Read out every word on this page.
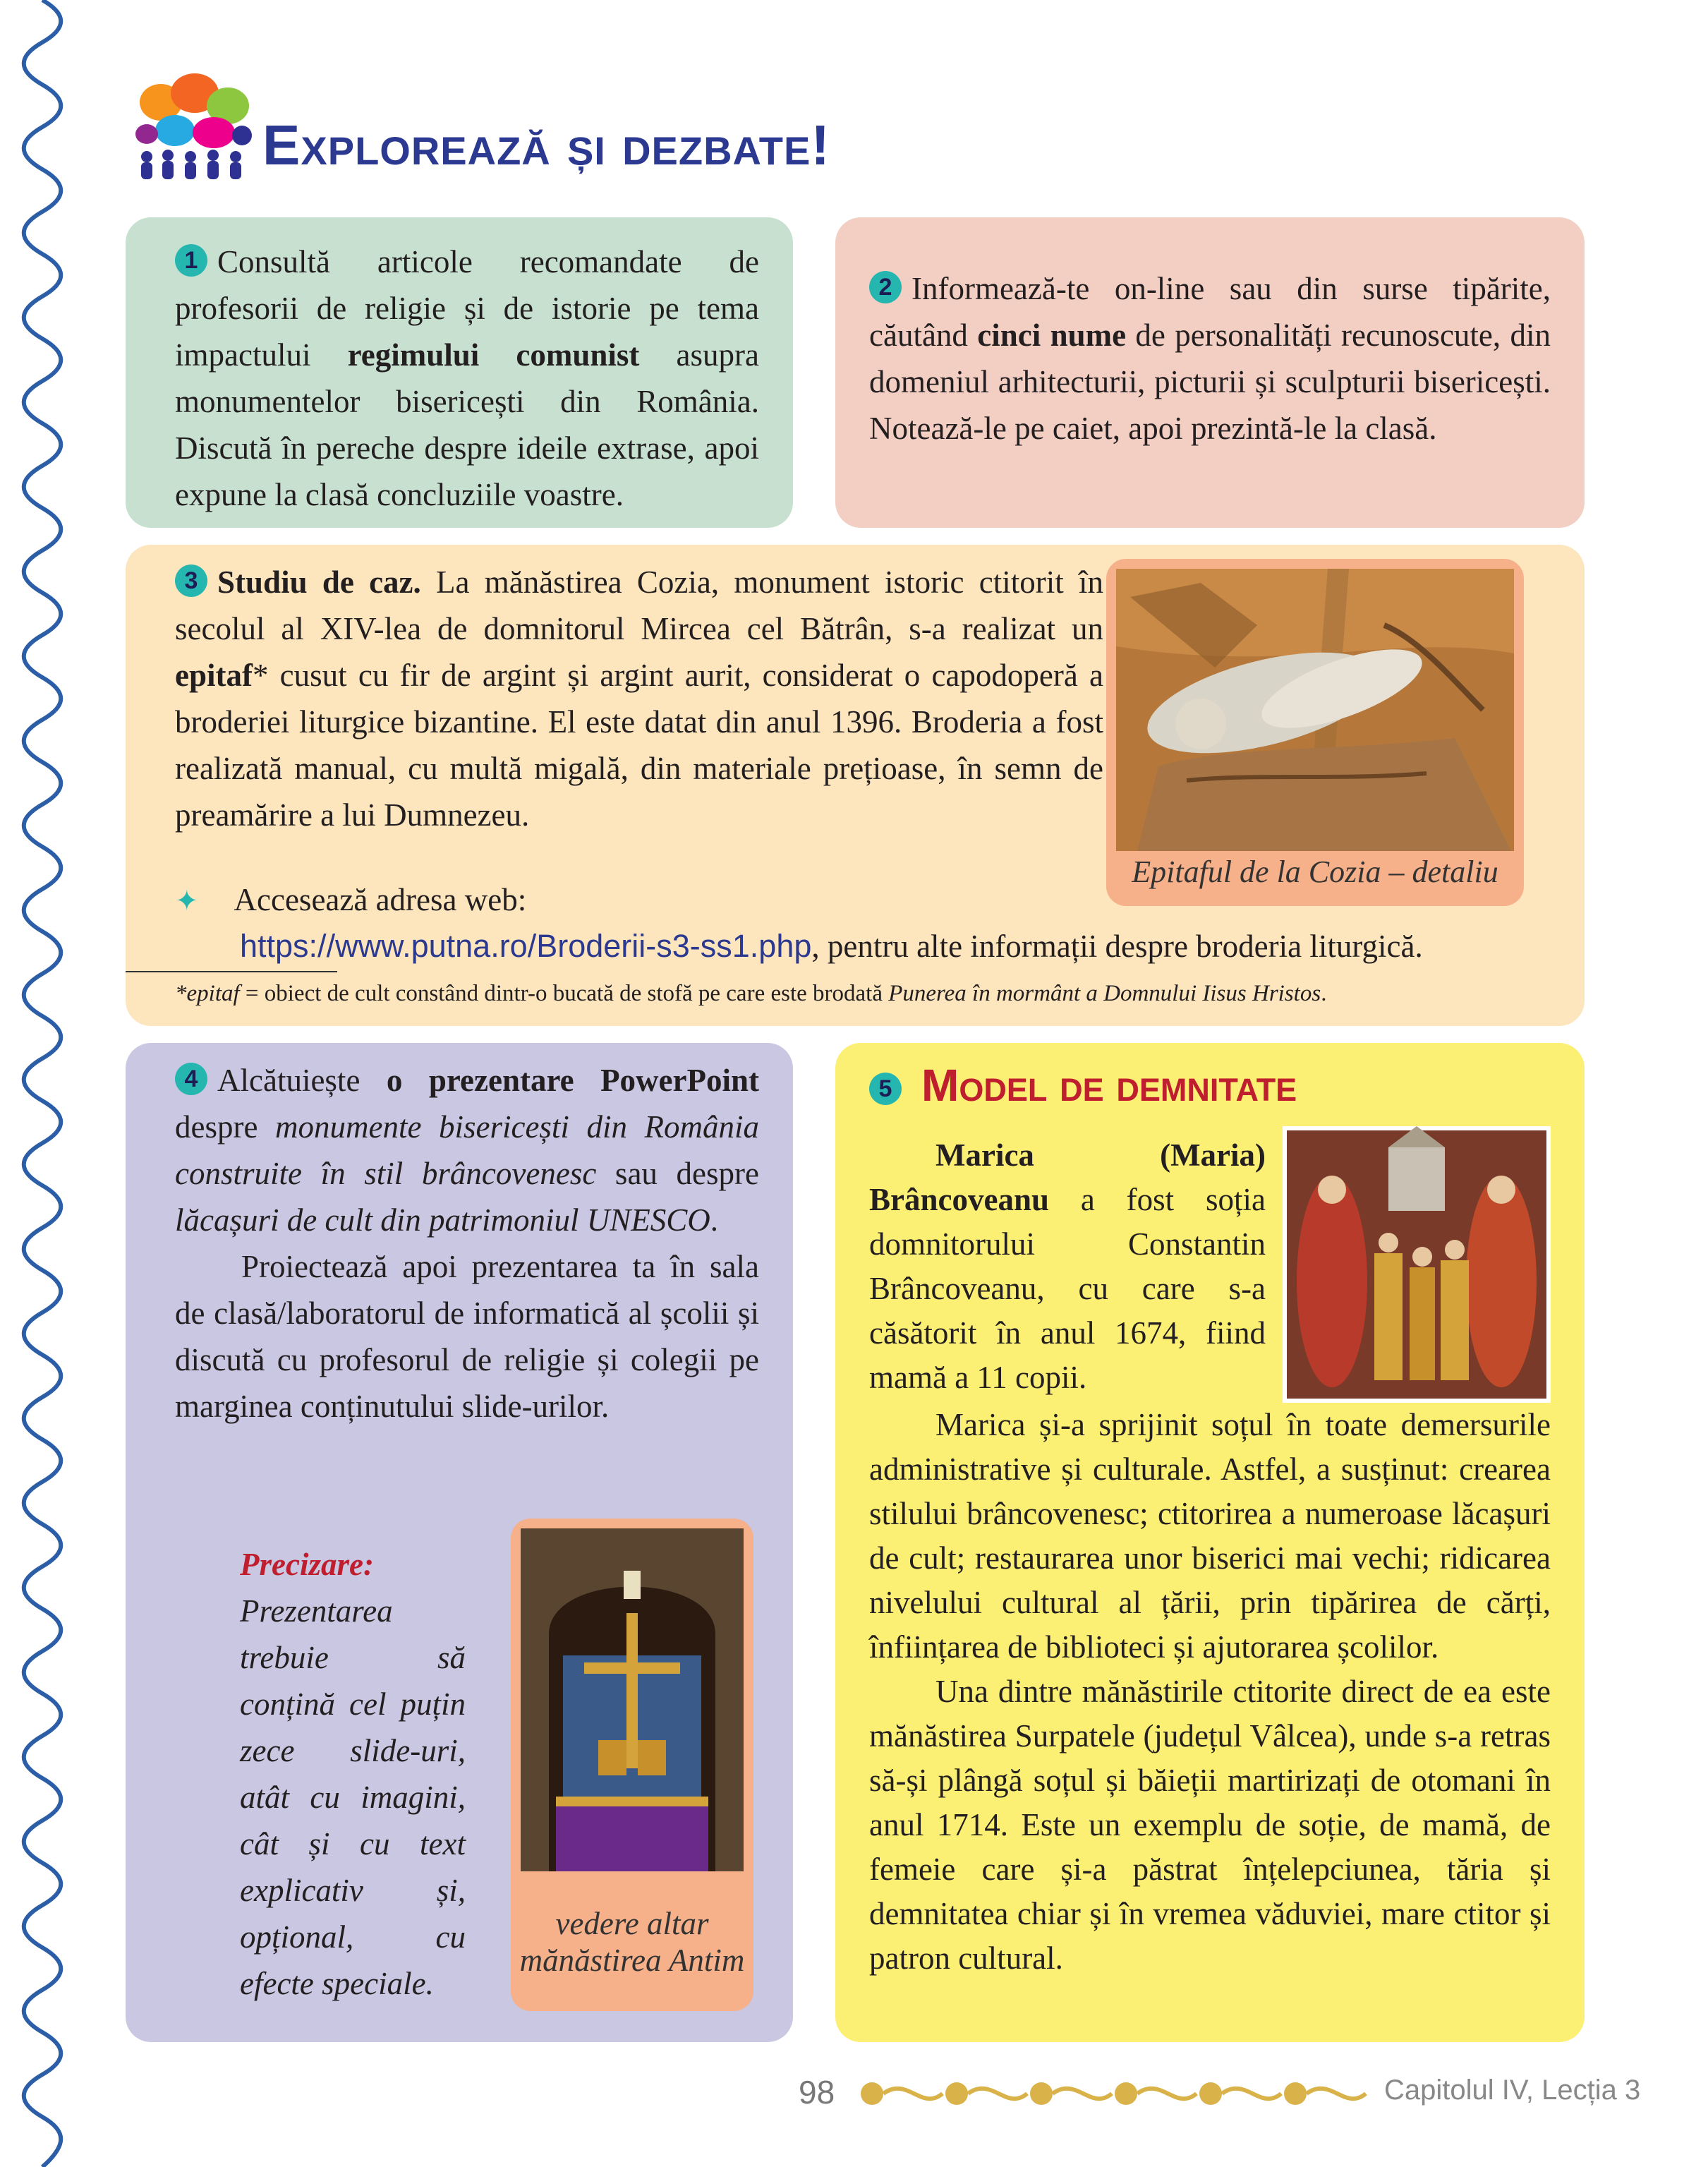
Explorează și dezbate!

1 Consultă articole recomandate de profesorii de religie și de istorie pe tema impactului regimului comunist asupra monumentelor bisericești din România. Discută în pereche despre ideile extrase, apoi expune la clasă concluziile voastre.

2 Informează-te on-line sau din surse tipărite, căutând cinci nume de personalități recunoscute, din domeniul arhitecturii, picturii și sculpturii bisericești. Notează-le pe caiet, apoi prezintă-le la clasă.

3 Studiu de caz. La mănăstirea Cozia, monument istoric ctitorit în secolul al XIV-lea de domnitorul Mircea cel Bătrân, s-a realizat un epitaf* cusut cu fir de argint și argint aurit, considerat o capodoperă a broderiei liturgice bizantine. El este datat din anul 1396. Broderia a fost realizată manual, cu multă migală, din materiale prețioase, în semn de preamărire a lui Dumnezeu.

✦ Accesează adresa web:
https://www.putna.ro/Broderii-s3-ss1.php, pentru alte informații despre broderia liturgică.
Epitaful de la Cozia – detaliu
*epitaf = obiect de cult constând dintr-o bucată de stofă pe care este brodată Punerea în mormânt a Domnului Iisus Hristos.

4 Alcătuiește o prezentare PowerPoint despre monumente bisericești din România construite în stil brâncovenesc sau despre lăcașuri de cult din patrimoniul UNESCO.

Proiectează apoi prezentarea ta în sala de clasă/laboratorul de informatică al școlii și discută cu profesorul de religie și colegii pe marginea conținutului slide-urilor.

Precizare:

Prezentarea trebuie să conțină cel puțin zece slide-uri, atât cu imagini, cât și cu text explicativ și, opțional, cu efecte speciale.

vedere altar mănăstirea Antim
5 Model de demnitate

Marica (Maria) Brâncoveanu a fost soția domnitorului Constantin Brâncoveanu, cu care s-a căsătorit în anul 1674, fiind mamă a 11 copii.

Marica și-a sprijinit soțul în toate demersurile administrative și culturale. Astfel, a susținut: crearea stilului brâncovenesc; ctitorirea a numeroase lăcașuri de cult; restaurarea unor biserici mai vechi; ridicarea nivelului cultural al țării, prin tipărirea de cărți, înființarea de biblioteci și ajutorarea școlilor.

Una dintre mănăstirile ctitorite direct de ea este mănăstirea Surpatele (județul Vâlcea), unde s-a retras să-și plângă soțul și băieții martirizați de otomani în anul 1714. Este un exemplu de soție, de mamă, de femeie care și-a păstrat înțelepciunea, tăria și demnitatea chiar și în vremea văduviei, mare ctitor și patron cultural.

98	Capitolul IV, Lecția 3
